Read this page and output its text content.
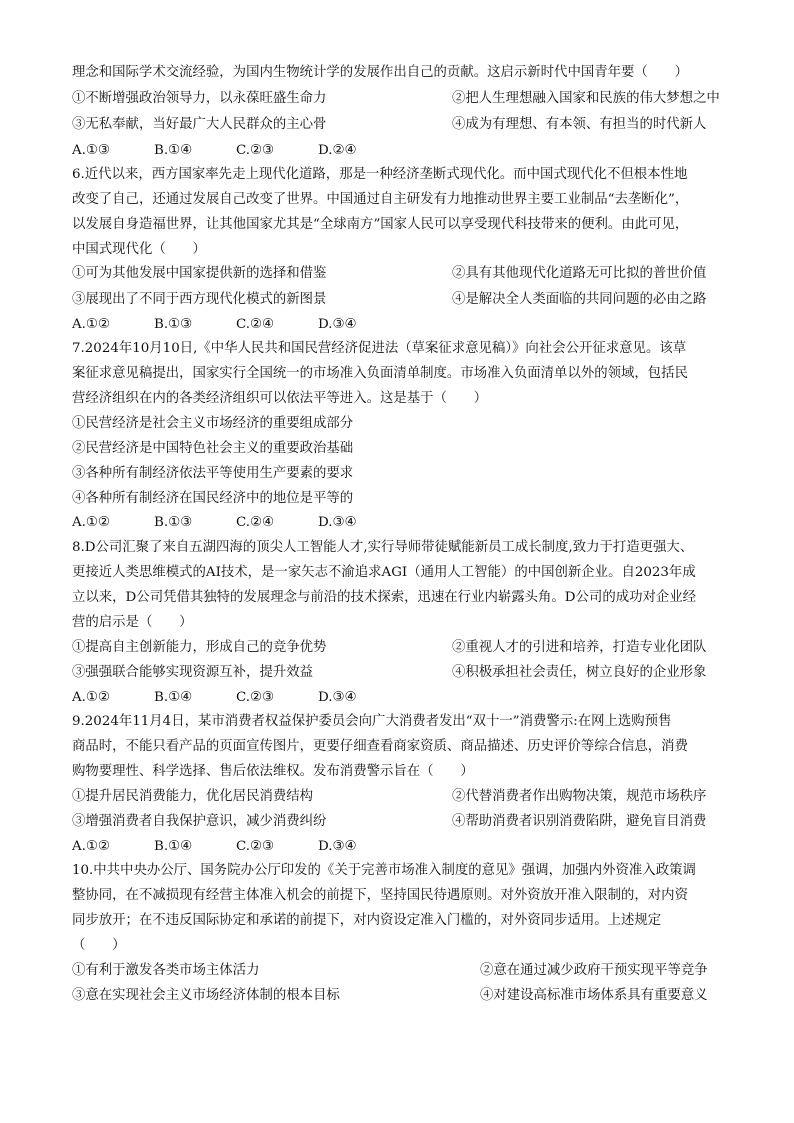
理念和国际学术交流经验，为国内生物统计学的发展作出自己的贡献。这启示新时代中国青年要（　　）
①不断增强政治领导力，以永葆旺盛生命力	②把人生理想融入国家和民族的伟大梦想之中
③无私奉献，当好最广大人民群众的主心骨	④成为有理想、有本领、有担当的时代新人
A.①③	B.①④	C.②③	D.②④
6.近代以来，西方国家率先走上现代化道路，那是一种经济垄断式现代化。而中国式现代化不但根本性地
改变了自己，还通过发展自己改变了世界。中国通过自主研发有力地推动世界主要工业制品“去垄断化”，
以发展自身造福世界，让其他国家尤其是“全球南方”国家人民可以享受现代科技带来的便利。由此可见，
中国式现代化（　　）
①可为其他发展中国家提供新的选择和借鉴	②具有其他现代化道路无可比拟的普世价值
③展现出了不同于西方现代化模式的新图景	④是解决全人类面临的共同问题的必由之路
A.①②	B.①③	C.②④	D.③④
7.2024年10月10日,《中华人民共和国民营经济促进法（草案征求意见稿）》向社会公开征求意见。该草
案征求意见稿提出，国家实行全国统一的市场准入负面清单制度。市场准入负面清单以外的领域，包括民
营经济组织在内的各类经济组织可以依法平等进入。这是基于（　　）
①民营经济是社会主义市场经济的重要组成部分
②民营经济是中国特色社会主义的重要政治基础
③各种所有制经济依法平等使用生产要素的要求
④各种所有制经济在国民经济中的地位是平等的
A.①②	B.①③	C.②④	D.③④
8.D公司汇聚了来自五湖四海的顶尖人工智能人才,实行导师带徒赋能新员工成长制度,致力于打造更强大、
更接近人类思维模式的AI技术，是一家矢志不渝追求AGI（通用人工智能）的中国创新企业。自2023年成
立以来，D公司凭借其独特的发展理念与前沿的技术探索，迅速在行业内崭露头角。D公司的成功对企业经
营的启示是（　　）
①提高自主创新能力，形成自己的竞争优势	②重视人才的引进和培养，打造专业化团队
③强强联合能够实现资源互补，提升效益	④积极承担社会责任，树立良好的企业形象
A.①②	B.①④	C.②③	D.③④
9.2024年11月4日，某市消费者权益保护委员会向广大消费者发出“双十一”消费警示:在网上选购预售
商品时，不能只看产品的页面宣传图片，更要仔细查看商家资质、商品描述、历史评价等综合信息，消费
购物要理性、科学选择、售后依法维权。发布消费警示旨在（　　）
①提升居民消费能力，优化居民消费结构	②代替消费者作出购物决策，规范市场秩序
③增强消费者自我保护意识，减少消费纠纷	④帮助消费者识别消费陷阱，避免盲目消费
A.①②	B.①④	C.②③	D.③④
10.中共中央办公厅、国务院办公厅印发的《关于完善市场准入制度的意见》强调，加强内外资准入政策调
整协同，在不减损现有经营主体准入机会的前提下，坚持国民待遇原则。对外资放开准入限制的，对内资
同步放开；在不违反国际协定和承诺的前提下，对内资设定准入门槛的，对外资同步适用。上述规定
（　　）
①有利于激发各类市场主体活力	②意在通过减少政府干预实现平等竞争
③意在实现社会主义市场经济体制的根本目标	④对建设高标准市场体系具有重要意义
